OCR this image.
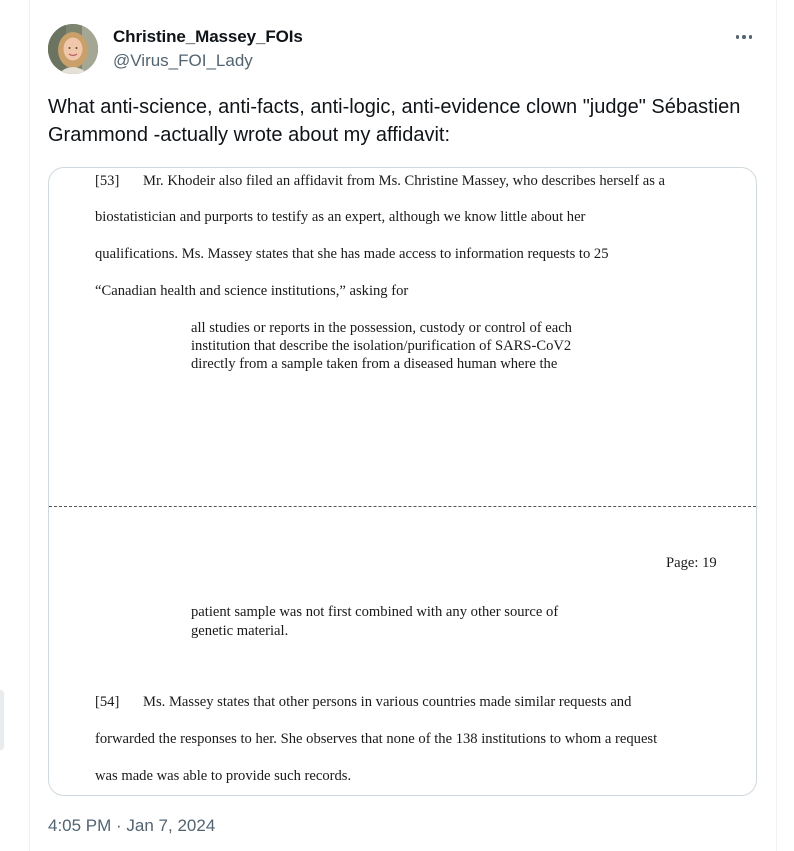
Christine_Massey_FOIs
@Virus_FOI_Lady
What anti-science, anti-facts, anti-logic, anti-evidence clown "judge" Sébastien Grammond -actually wrote about my affidavit:
[53] Mr. Khodeir also filed an affidavit from Ms. Christine Massey, who describes herself as a
biostatistician and purports to testify as an expert, although we know little about her
qualifications. Ms. Massey states that she has made access to information requests to 25
“Canadian health and science institutions,” asking for
all studies or reports in the possession, custody or control of each
institution that describe the isolation/purification of SARS-CoV2
directly from a sample taken from a diseased human where the
Page: 19
patient sample was not first combined with any other source of
genetic material.
[54] Ms. Massey states that other persons in various countries made similar requests and
forwarded the responses to her. She observes that none of the 138 institutions to whom a request
was made was able to provide such records.
4:05 PM · Jan 7, 2024
